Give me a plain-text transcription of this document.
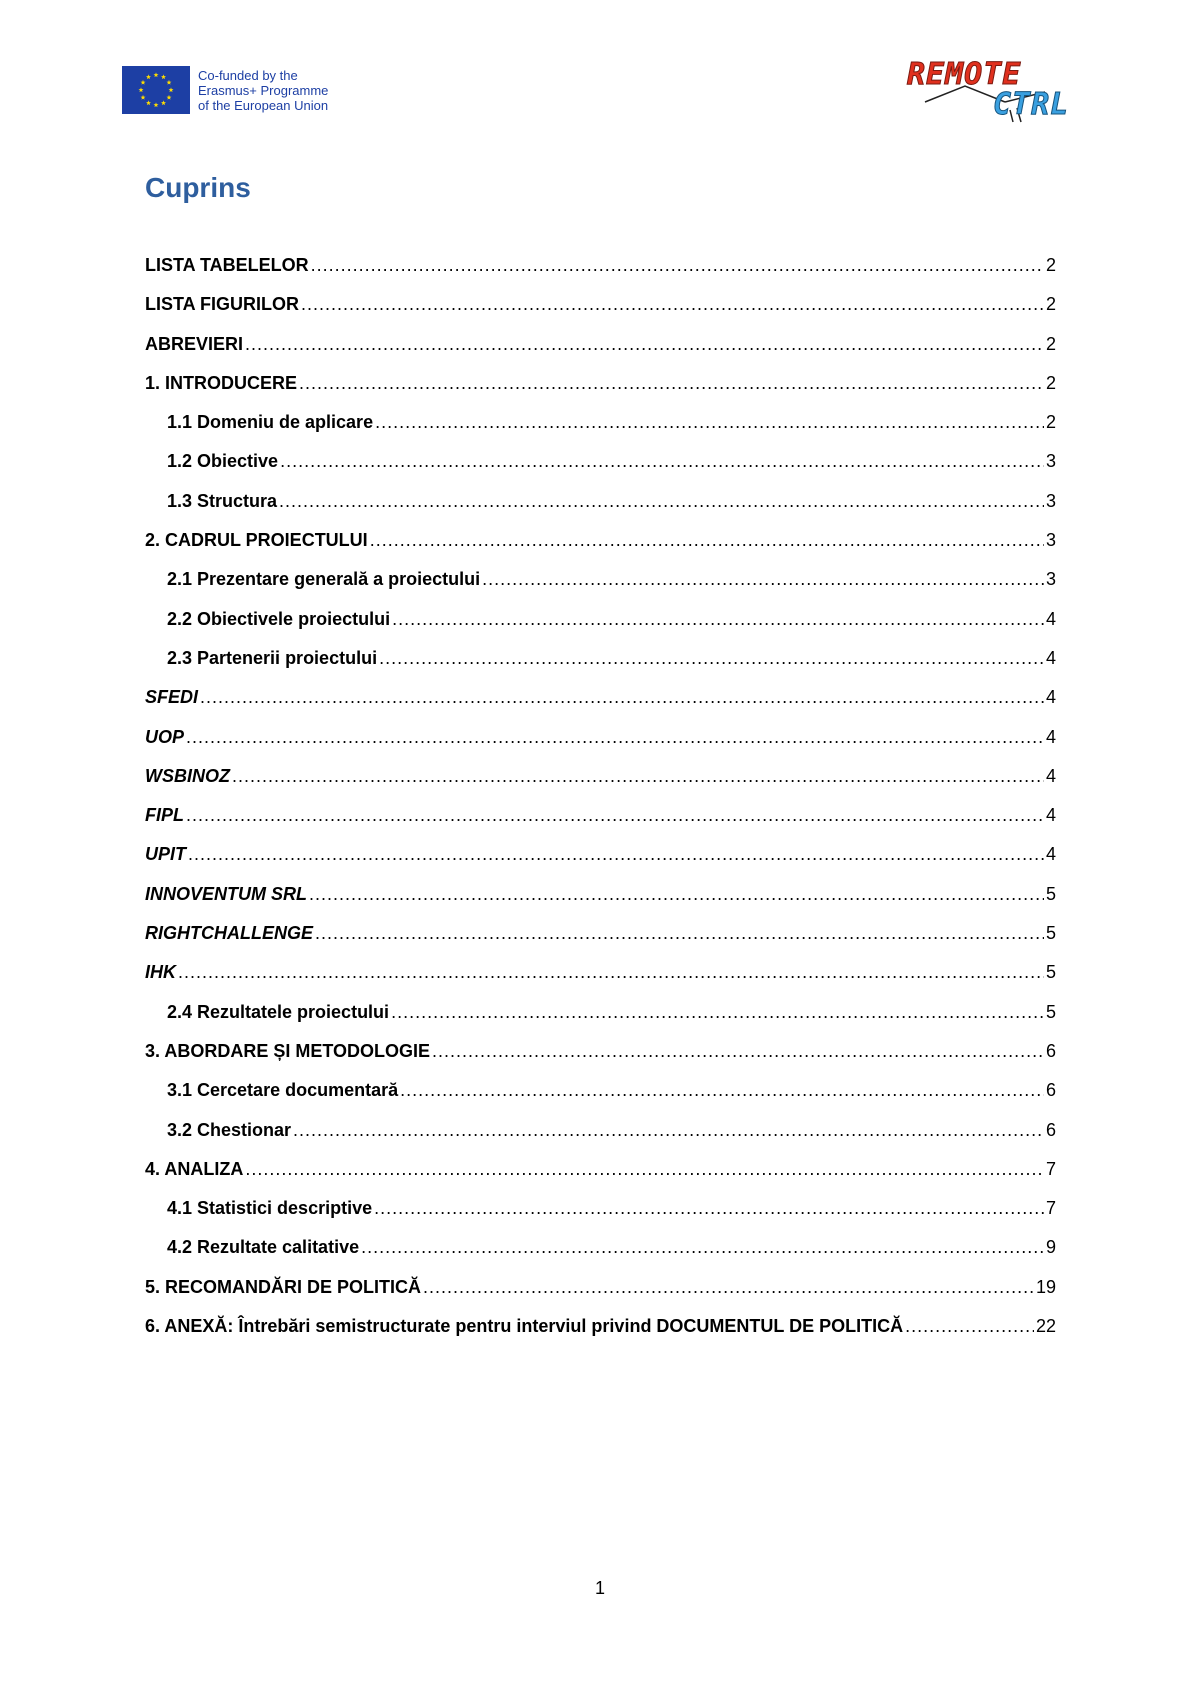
Co-funded by the
Erasmus+ Programme
of the European Union
REMOTE
CTRL
Cuprins
LISTA TABELELOR .....	2
LISTA FIGURILOR .....	2
ABREVIERI .....	2
1. INTRODUCERE .....	2
1.1 Domeniu de aplicare .....	2
1.2 Obiective .....	3
1.3 Structura .....	3
2. CADRUL PROIECTULUI .....	3
2.1 Prezentare generală a proiectului .....	3
2.2 Obiectivele proiectului .....	4
2.3 Partenerii proiectului .....	4
SFEDI .....	4
UOP .....	4
WSBINOZ .....	4
FIPL .....	4
UPIT .....	4
INNOVENTUM SRL .....	5
RIGHTCHALLENGE .....	5
IHK .....	5
2.4 Rezultatele proiectului .....	5
3. ABORDARE ȘI METODOLOGIE .....	6
3.1 Cercetare documentară .....	6
3.2 Chestionar .....	6
4. ANALIZA .....	7
4.1 Statistici descriptive .....	7
4.2 Rezultate calitative .....	9
5. RECOMANDĂRI DE POLITICĂ .....	19
6. ANEXĂ: Întrebări semistructurate pentru interviul privind DOCUMENTUL DE POLITICĂ .....	22
1
